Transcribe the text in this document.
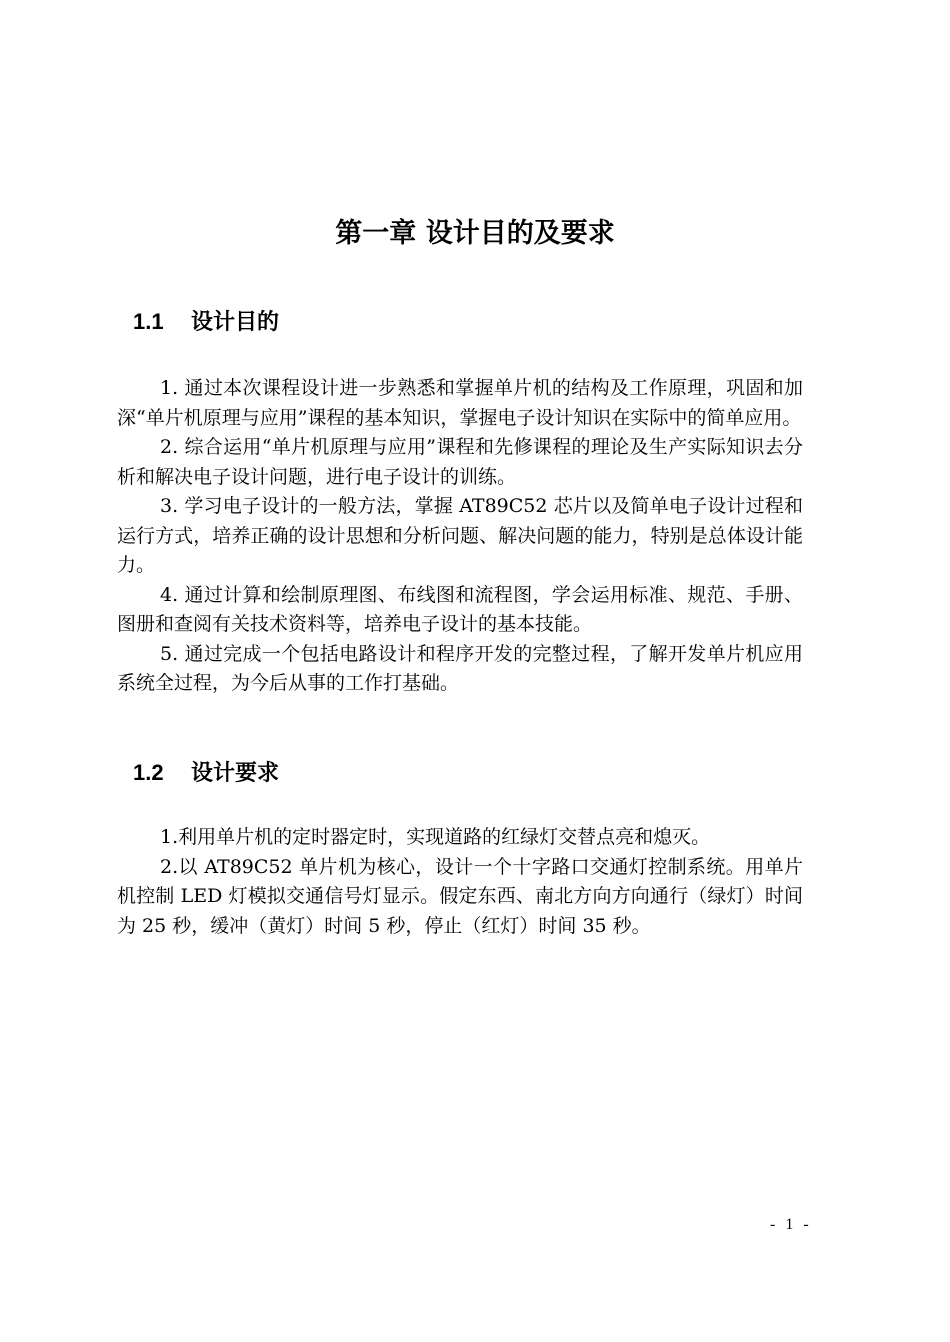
第一章 设计目的及要求
1.1 设计目的

1. 通过本次课程设计进一步熟悉和掌握单片机的结构及工作原理，巩固和加深“单片机原理与应用”课程的基本知识，掌握电子设计知识在实际中的简单应用。

2. 综合运用“单片机原理与应用”课程和先修课程的理论及生产实际知识去分析和解决电子设计问题，进行电子设计的训练。

3. 学习电子设计的一般方法，掌握 AT89C52 芯片以及简单电子设计过程和运行方式，培养正确的设计思想和分析问题、解决问题的能力，特别是总体设计能力。

4. 通过计算和绘制原理图、布线图和流程图，学会运用标准、规范、手册、图册和查阅有关技术资料等，培养电子设计的基本技能。

5. 通过完成一个包括电路设计和程序开发的完整过程，了解开发单片机应用系统全过程，为今后从事的工作打基础。

1.2 设计要求

1.利用单片机的定时器定时，实现道路的红绿灯交替点亮和熄灭。

2.以 AT89C52 单片机为核心，设计一个十字路口交通灯控制系统。用单片机控制 LED 灯模拟交通信号灯显示。假定东西、南北方向方向通行（绿灯）时间为 25 秒，缓冲（黄灯）时间 5 秒，停止（红灯）时间 35 秒。

- 1 -
